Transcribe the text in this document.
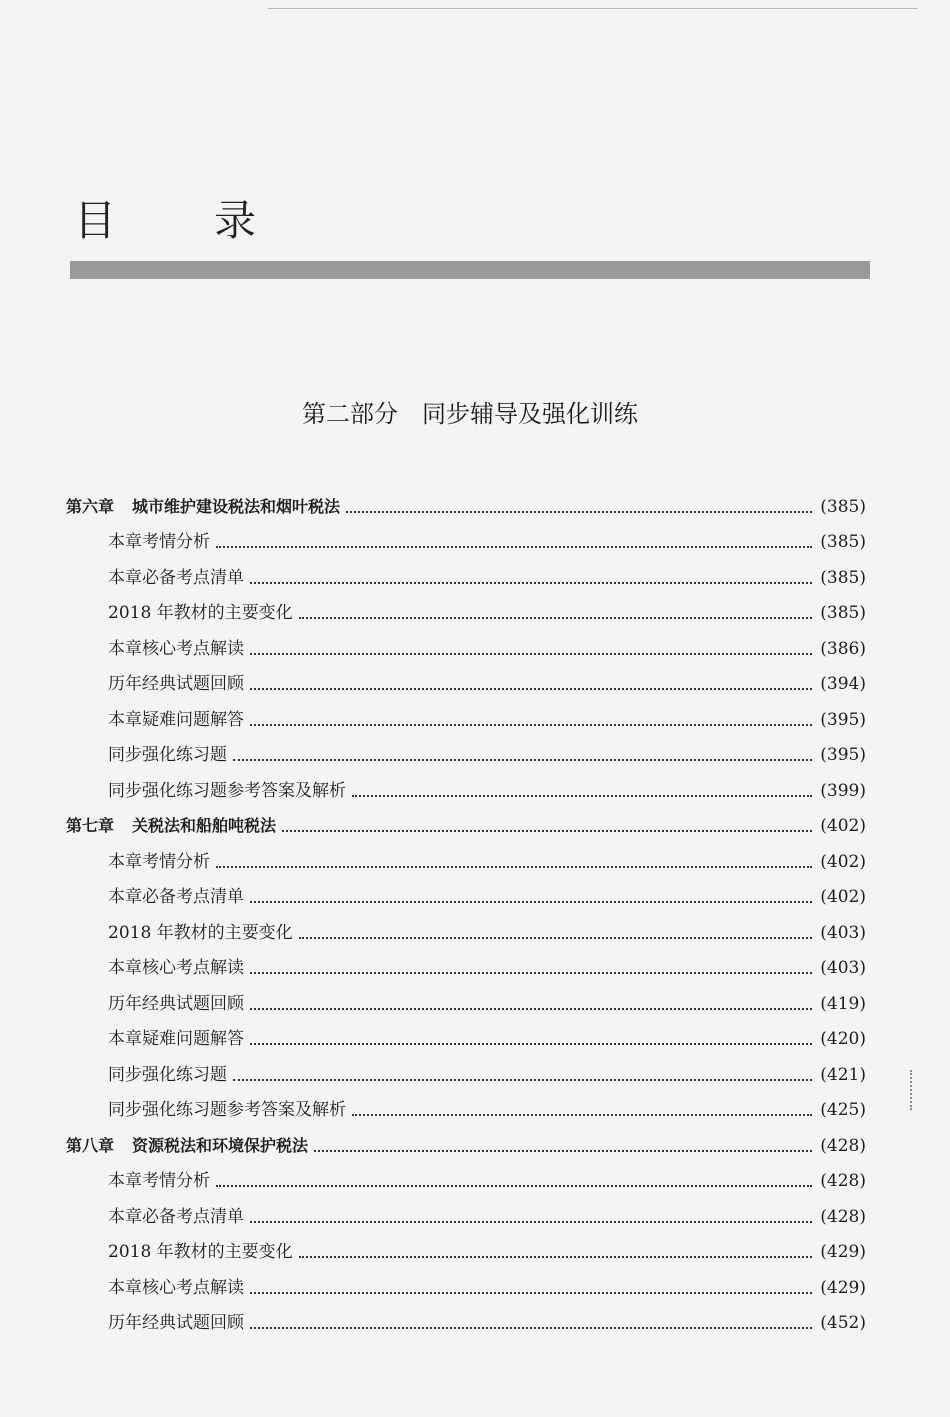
目　录
第二部分　同步辅导及强化训练
第六章 城市维护建设税法和烟叶税法	(385)
本章考情分析	(385)
本章必备考点清单	(385)
2018 年教材的主要变化	(385)
本章核心考点解读	(386)
历年经典试题回顾	(394)
本章疑难问题解答	(395)
同步强化练习题	(395)
同步强化练习题参考答案及解析	(399)
第七章 关税法和船舶吨税法	(402)
本章考情分析	(402)
本章必备考点清单	(402)
2018 年教材的主要变化	(403)
本章核心考点解读	(403)
历年经典试题回顾	(419)
本章疑难问题解答	(420)
同步强化练习题	(421)
同步强化练习题参考答案及解析	(425)
第八章 资源税法和环境保护税法	(428)
本章考情分析	(428)
本章必备考点清单	(428)
2018 年教材的主要变化	(429)
本章核心考点解读	(429)
历年经典试题回顾	(452)
